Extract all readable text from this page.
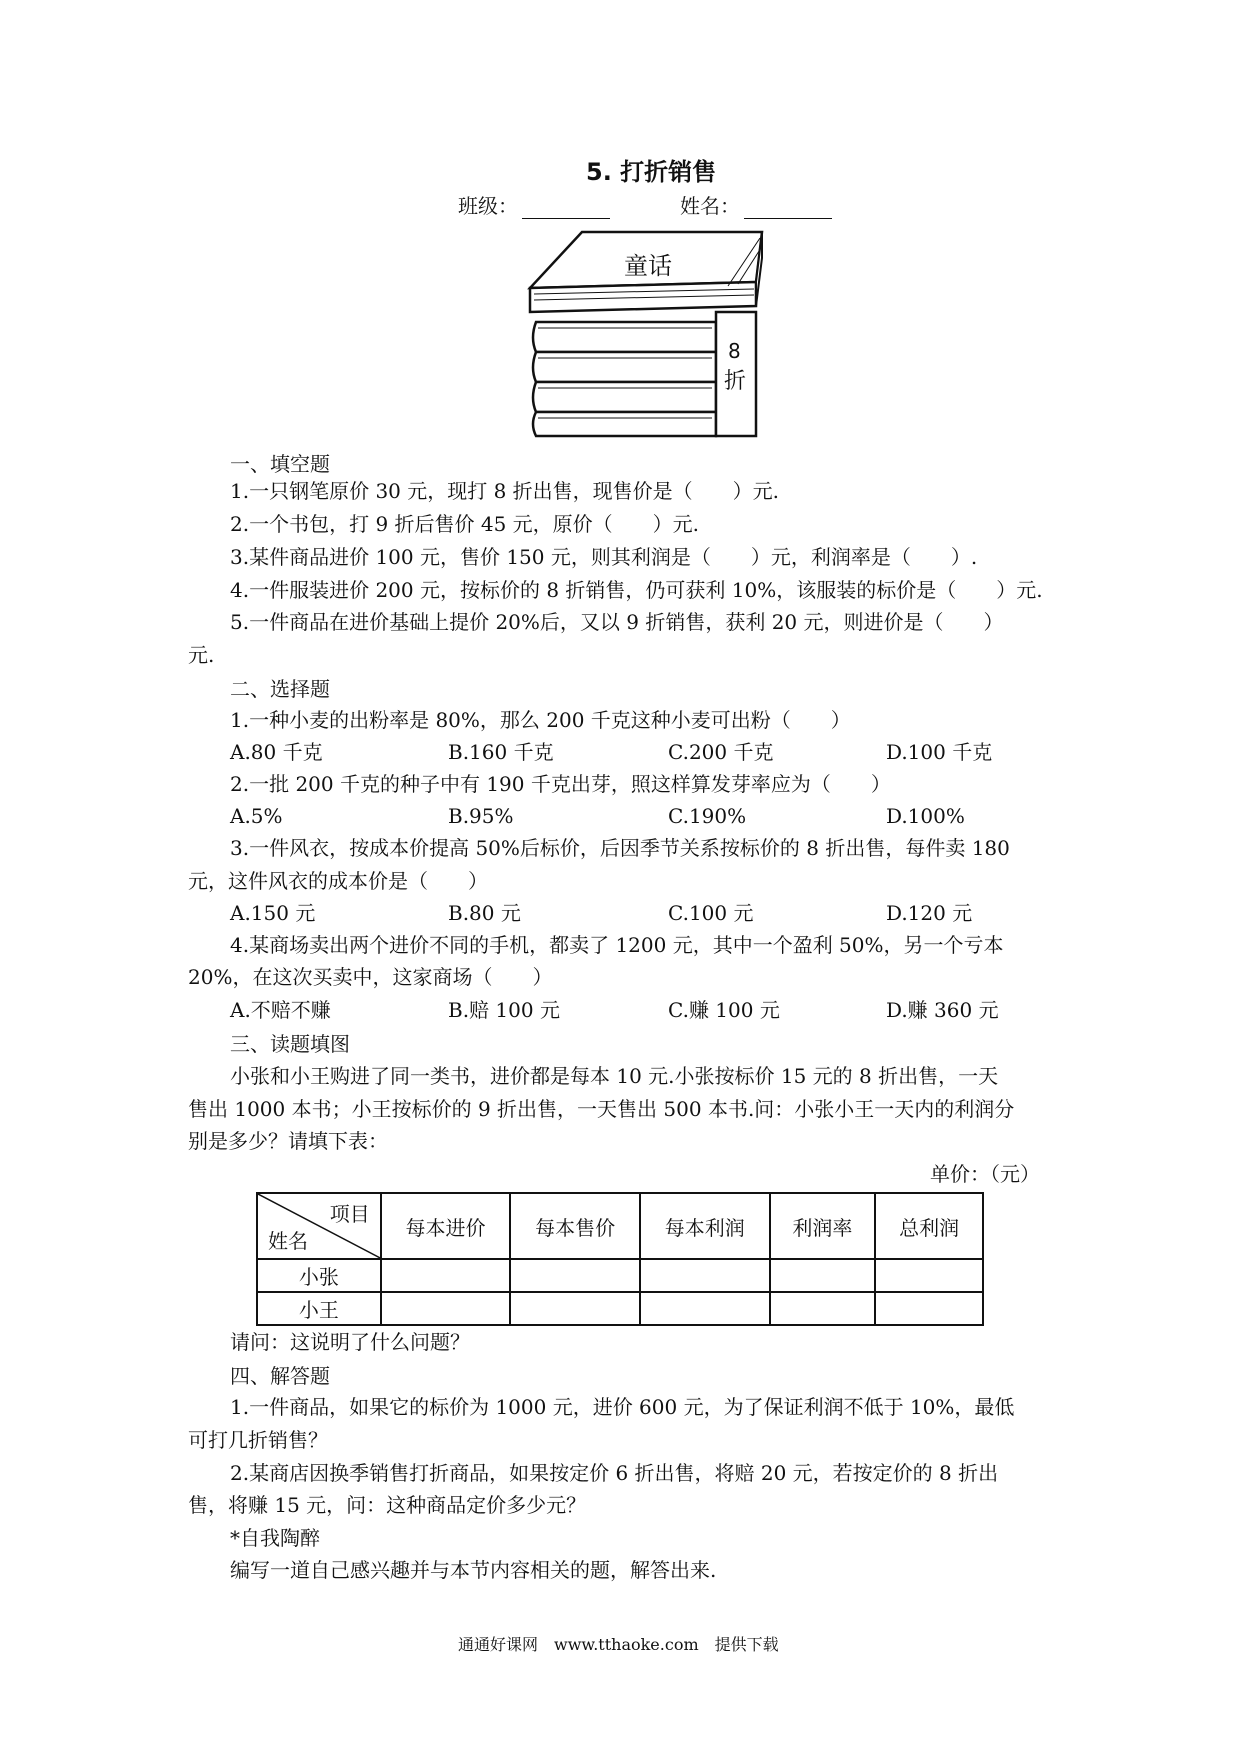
5. 打折销售
班级：	姓名：
童话
8
折
一、填空题
1.一只钢笔原价 30 元，现打 8 折出售，现售价是（　　）元.
2.一个书包，打 9 折后售价 45 元，原价（　　）元.
3.某件商品进价 100 元，售价 150 元，则其利润是（　　）元，利润率是（　　）.
4.一件服装进价 200 元，按标价的 8 折销售，仍可获利 10%，该服装的标价是（　　）元.
5.一件商品在进价基础上提价 20%后，又以 9 折销售，获利 20 元，则进价是（　　）
元.
二、选择题
1.一种小麦的出粉率是 80%，那么 200 千克这种小麦可出粉（　　）
A.80 千克	B.160 千克	C.200 千克	D.100 千克
2.一批 200 千克的种子中有 190 千克出芽，照这样算发芽率应为（　　）
A.5%	B.95%	C.190%	D.100%
3.一件风衣，按成本价提高 50%后标价，后因季节关系按标价的 8 折出售，每件卖 180
元，这件风衣的成本价是（　　）
A.150 元	B.80 元	C.100 元	D.120 元
4.某商场卖出两个进价不同的手机，都卖了 1200 元，其中一个盈利 50%，另一个亏本
20%，在这次买卖中，这家商场（　　）
A.不赔不赚	B.赔 100 元	C.赚 100 元	D.赚 360 元
三、读题填图
小张和小王购进了同一类书，进价都是每本 10 元.小张按标价 15 元的 8 折出售，一天
售出 1000 本书；小王按标价的 9 折出售，一天售出 500 本书.问：小张小王一天内的利润分
别是多少？请填下表：
单价：（元）
项目
姓名	每本进价	每本售价	每本利润	利润率	总利润
小张					
小王					
请问：这说明了什么问题？
四、解答题
1.一件商品，如果它的标价为 1000 元，进价 600 元，为了保证利润不低于 10%，最低
可打几折销售？
2.某商店因换季销售打折商品，如果按定价 6 折出售，将赔 20 元，若按定价的 8 折出
售，将赚 15 元，问：这种商品定价多少元？
*自我陶醉
编写一道自己感兴趣并与本节内容相关的题，解答出来.
通通好课网　www.tthaoke.com　提供下载
